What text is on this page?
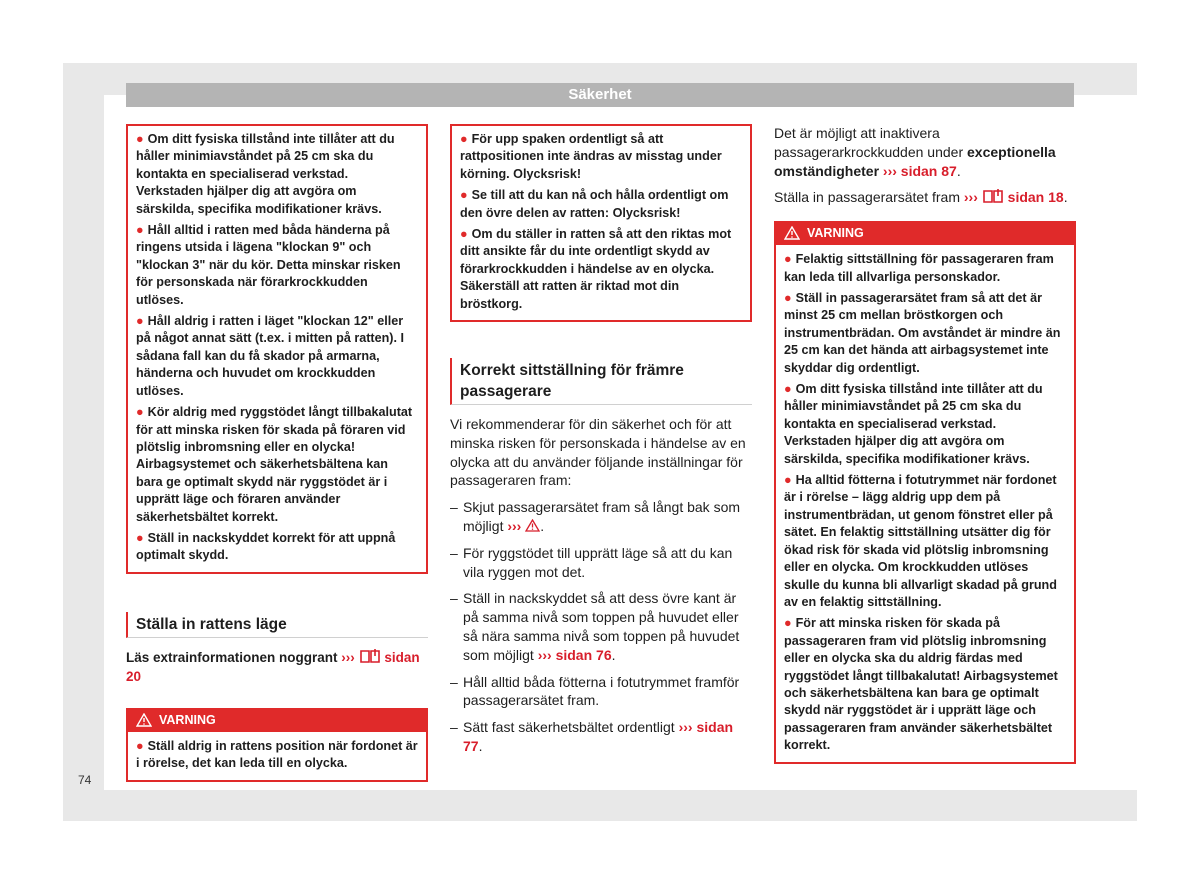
Säkerhet
● Om ditt fysiska tillstånd inte tillåter att du håller minimiavståndet på 25 cm ska du kontakta en specialiserad verkstad. Verkstaden hjälper dig att avgöra om särskilda, specifika modifikationer krävs.
● Håll alltid i ratten med båda händerna på ringens utsida i lägena "klockan 9" och "klockan 3" när du kör. Detta minskar risken för personskada när förarkrockkudden utlöses.
● Håll aldrig i ratten i läget "klockan 12" eller på något annat sätt (t.ex. i mitten på ratten). I sådana fall kan du få skador på armarna, händerna och huvudet om krockkudden utlöses.
● Kör aldrig med ryggstödet långt tillbakalutat för att minska risken för skada på föraren vid plötslig inbromsning eller en olycka! Airbagsystemet och säkerhetsbältena kan bara ge optimalt skydd när ryggstödet är i upprätt läge och föraren använder säkerhetsbältet korrekt.
● Ställ in nackskyddet korrekt för att uppnå optimalt skydd.
Ställa in rattens läge
Läs extrainformationen noggrant ››› sidan 20
VARNING
● Ställ aldrig in rattens position när fordonet är i rörelse, det kan leda till en olycka.
● För upp spaken ordentligt så att rattpositionen inte ändras av misstag under körning. Olycksrisk!
● Se till att du kan nå och hålla ordentligt om den övre delen av ratten: Olycksrisk!
● Om du ställer in ratten så att den riktas mot ditt ansikte får du inte ordentligt skydd av förarkrockkudden i händelse av en olycka. Säkerställ att ratten är riktad mot din bröstkorg.
Korrekt sittställning för främre passagerare
Vi rekommenderar för din säkerhet och för att minska risken för personskada i händelse av en olycka att du använder följande inställningar för passageraren fram:
– Skjut passagerarsätet fram så långt bak som möjligt ››› .
– För ryggstödet till upprätt läge så att du kan vila ryggen mot det.
– Ställ in nackskyddet så att dess övre kant är på samma nivå som toppen på huvudet eller så nära samma nivå som toppen på huvudet som möjligt ››› sidan 76.
– Håll alltid båda fötterna i fotutrymmet framför passagerarsätet fram.
– Sätt fast säkerhetsbältet ordentligt ››› sidan 77.
Det är möjligt att inaktivera passagerarkrockkudden under exceptionella omständigheter ››› sidan 87.
Ställa in passagerarsätet fram ››› sidan 18.
VARNING
● Felaktig sittställning för passageraren fram kan leda till allvarliga personskador.
● Ställ in passagerarsätet fram så att det är minst 25 cm mellan bröstkorgen och instrumentbrädan. Om avståndet är mindre än 25 cm kan det hända att airbagsystemet inte skyddar dig ordentligt.
● Om ditt fysiska tillstånd inte tillåter att du håller minimiavståndet på 25 cm ska du kontakta en specialiserad verkstad. Verkstaden hjälper dig att avgöra om särskilda, specifika modifikationer krävs.
● Ha alltid fötterna i fotutrymmet när fordonet är i rörelse – lägg aldrig upp dem på instrumentbrädan, ut genom fönstret eller på sätet. En felaktig sittställning utsätter dig för ökad risk för skada vid plötslig inbromsning eller en olycka. Om krockkudden utlöses skulle du kunna bli allvarligt skadad på grund av en felaktig sittställning.
● För att minska risken för skada på passageraren fram vid plötslig inbromsning eller en olycka ska du aldrig färdas med ryggstödet långt tillbakalutat! Airbagsystemet och säkerhetsbältena kan bara ge optimalt skydd när ryggstödet är i upprätt läge och passageraren fram använder säkerhetsbältet korrekt.
74
